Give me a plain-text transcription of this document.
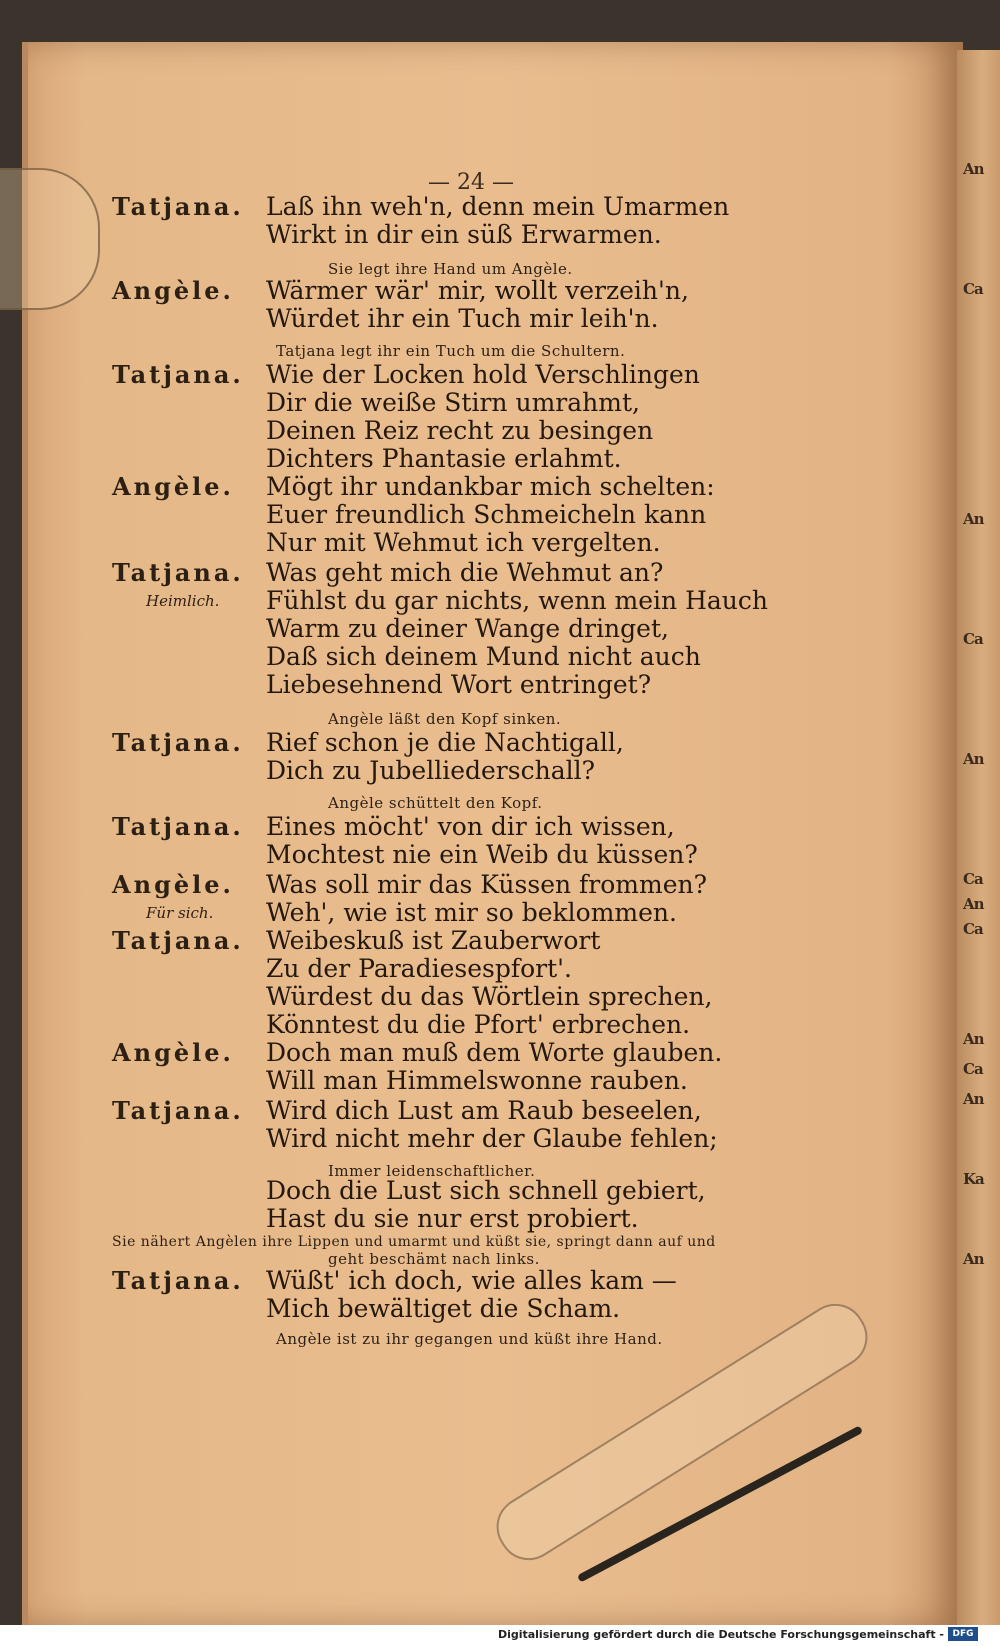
— 24 —
Tatjana. Laß ihn weh'n, denn mein Umarmen
Wirkt in dir ein süß Erwarmen.
Sie legt ihre Hand um Angèle.
Angèle. Wärmer wär' mir, wollt verzeih'n,
Würdet ihr ein Tuch mir leih'n.
Tatjana legt ihr ein Tuch um die Schultern.
Tatjana. Wie der Locken hold Verschlingen
Dir die weiße Stirn umrahmt,
Deinen Reiz recht zu besingen
Dichters Phantasie erlahmt.
Angèle. Mögt ihr undankbar mich schelten:
Euer freundlich Schmeicheln kann
Nur mit Wehmut ich vergelten.
Tatjana. Was geht mich die Wehmut an?
Heimlich. Fühlst du gar nichts, wenn mein Hauch
Warm zu deiner Wange dringet,
Daß sich deinem Mund nicht auch
Liebesehnend Wort entringet?
Angèle läßt den Kopf sinken.
Tatjana. Rief schon je die Nachtigall,
Dich zu Jubelliederschall?
Angèle schüttelt den Kopf.
Tatjana. Eines möcht' von dir ich wissen,
Mochtest nie ein Weib du küssen?
Angèle. Was soll mir das Küssen frommen?
Für sich. Weh', wie ist mir so beklommen.
Tatjana. Weibeskuß ist Zauberwort
Zu der Paradiesespfort'.
Würdest du das Wörtlein sprechen,
Könntest du die Pfort' erbrechen.
Angèle. Doch man muß dem Worte glauben.
Will man Himmelswonne rauben.
Tatjana. Wird dich Lust am Raub beseelen,
Wird nicht mehr der Glaube fehlen;
Immer leidenschaftlicher.
Doch die Lust sich schnell gebiert,
Hast du sie nur erst probiert.
Sie nähert Angèlen ihre Lippen und umarmt und küßt sie, springt dann auf und
geht beschämt nach links.
Tatjana. Wüßt' ich doch, wie alles kam —
Mich bewältiget die Scham.
Angèle ist zu ihr gegangen und küßt ihre Hand.
An
Ca
An
Ca
An
Ca
An
Ca
An
Ca
An
Ka
An
Digitalisierung gefördert durch die Deutsche Forschungsgemeinschaft - DFG
